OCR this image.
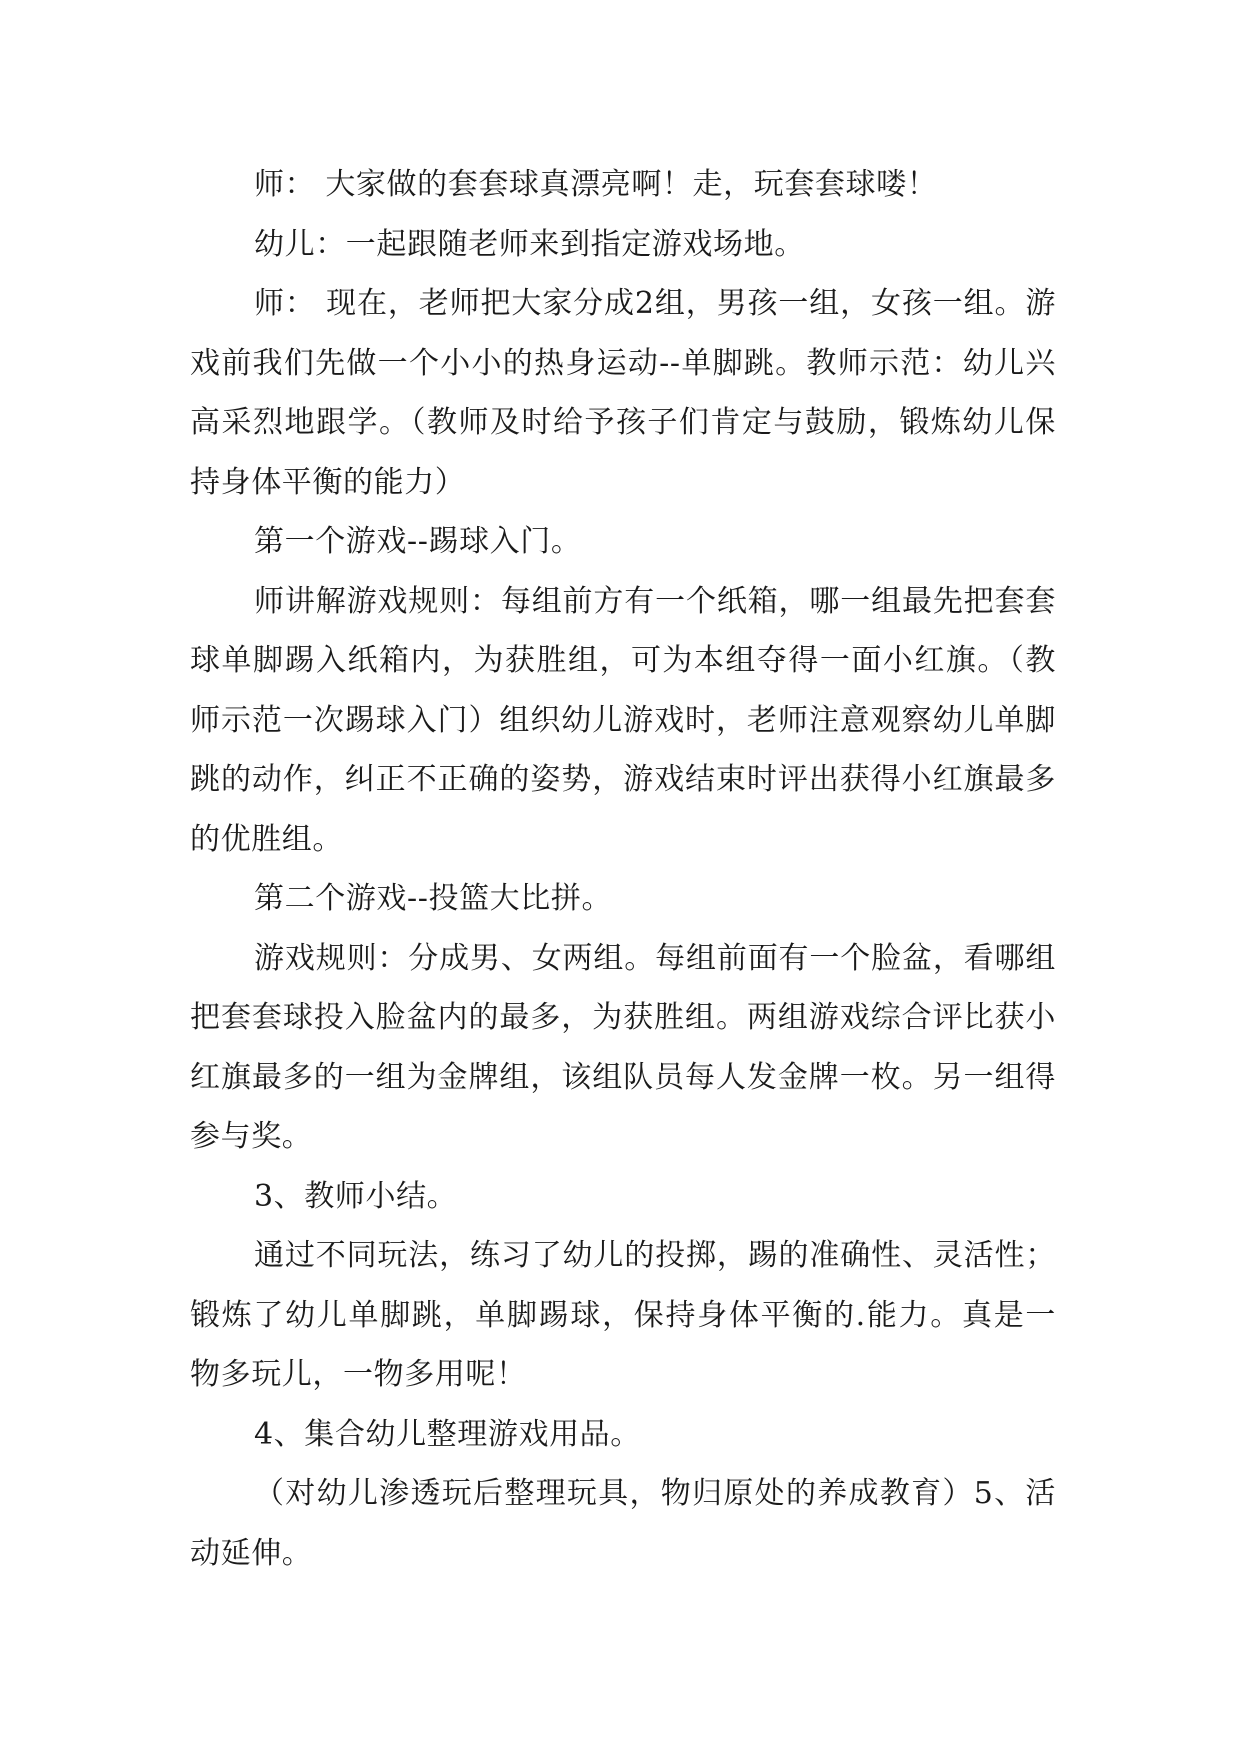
师： 大家做的套套球真漂亮啊！走，玩套套球喽！

幼儿：一起跟随老师来到指定游戏场地。

师： 现在，老师把大家分成2组，男孩一组，女孩一组。游戏前我们先做一个小小的热身运动--单脚跳。教师示范：幼儿兴高采烈地跟学。（教师及时给予孩子们肯定与鼓励，锻炼幼儿保持身体平衡的能力）

第一个游戏--踢球入门。

师讲解游戏规则：每组前方有一个纸箱，哪一组最先把套套球单脚踢入纸箱内，为获胜组，可为本组夺得一面小红旗。（教师示范一次踢球入门）组织幼儿游戏时，老师注意观察幼儿单脚跳的动作，纠正不正确的姿势，游戏结束时评出获得小红旗最多的优胜组。

第二个游戏--投篮大比拼。

游戏规则：分成男、女两组。每组前面有一个脸盆，看哪组把套套球投入脸盆内的最多，为获胜组。两组游戏综合评比获小红旗最多的一组为金牌组，该组队员每人发金牌一枚。另一组得参与奖。

3、教师小结。

通过不同玩法，练习了幼儿的投掷，踢的准确性、灵活性；锻炼了幼儿单脚跳，单脚踢球，保持身体平衡的.能力。真是一物多玩儿，一物多用呢！

4、集合幼儿整理游戏用品。

（对幼儿渗透玩后整理玩具，物归原处的养成教育）5、活动延伸。
